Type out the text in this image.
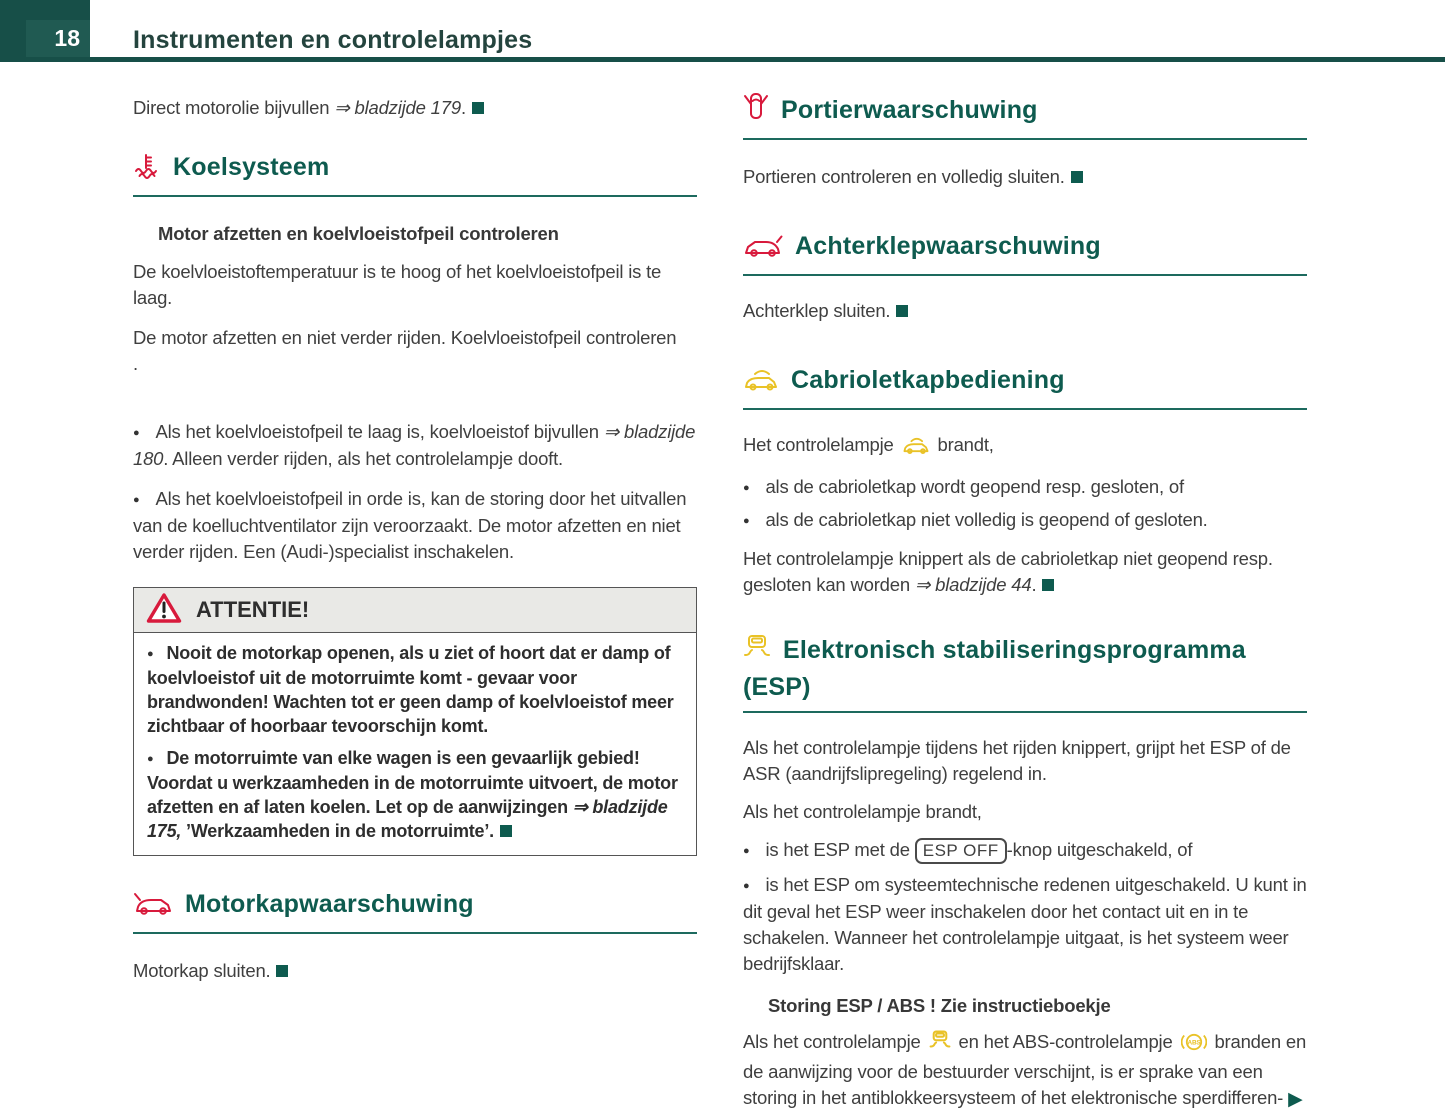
18 Instrumenten en controlelampjes

Direct motorolie bijvullen ⇒ bladzijde 179.

Koelsysteem

Motor afzetten en koelvloeistofpeil controleren

De koelvloeistoftemperatuur is te hoog of het koelvloeistofpeil is te laag.

De motor afzetten en niet verder rijden. Koelvloeistofpeil controleren

.

● Als het koelvloeistofpeil te laag is, koelvloeistof bijvullen ⇒ bladzijde 180. Alleen verder rijden, als het controlelampje dooft.

● Als het koelvloeistofpeil in orde is, kan de storing door het uitvallen van de koelluchtventilator zijn veroorzaakt. De motor afzetten en niet verder rijden. Een (Audi-)specialist inschakelen.

ATTENTIE!

● Nooit de motorkap openen, als u ziet of hoort dat er damp of koelvloeistof uit de motorruimte komt - gevaar voor brandwonden! Wachten tot er geen damp of koelvloeistof meer zichtbaar of hoorbaar tevoorschijn komt.

● De motorruimte van elke wagen is een gevaarlijk gebied! Voordat u werkzaamheden in de motorruimte uitvoert, de motor afzetten en af laten koelen. Let op de aanwijzingen ⇒ bladzijde 175, ’Werkzaamheden in de motorruimte’.

Motorkapwaarschuwing

Motorkap sluiten.

Portierwaarschuwing

Portieren controleren en volledig sluiten.

Achterklepwaarschuwing

Achterklep sluiten.

Cabrioletkapbediening

Het controlelampje  brandt,

● als de cabrioletkap wordt geopend resp. gesloten, of

● als de cabrioletkap niet volledig is geopend of gesloten.

Het controlelampje knippert als de cabrioletkap niet geopend resp. gesloten kan worden ⇒ bladzijde 44.

Elektronisch stabiliseringsprogramma (ESP)

Als het controlelampje tijdens het rijden knippert, grijpt het ESP of de ASR (aandrijfslipregeling) regelend in.

Als het controlelampje brandt,

● is het ESP met de ESP OFF -knop uitgeschakeld, of

● is het ESP om systeemtechnische redenen uitgeschakeld. U kunt in dit geval het ESP weer inschakelen door het contact uit en in te schakelen. Wanneer het controlelampje uitgaat, is het systeem weer bedrijfsklaar.

Storing ESP / ABS ! Zie instructieboekje

Als het controlelampje  en het ABS-controlelampje ABS branden en de aanwijzing voor de bestuurder verschijnt, is er sprake van een storing in het antiblokkeersysteem of het elektronische sperdifferen- ▶
